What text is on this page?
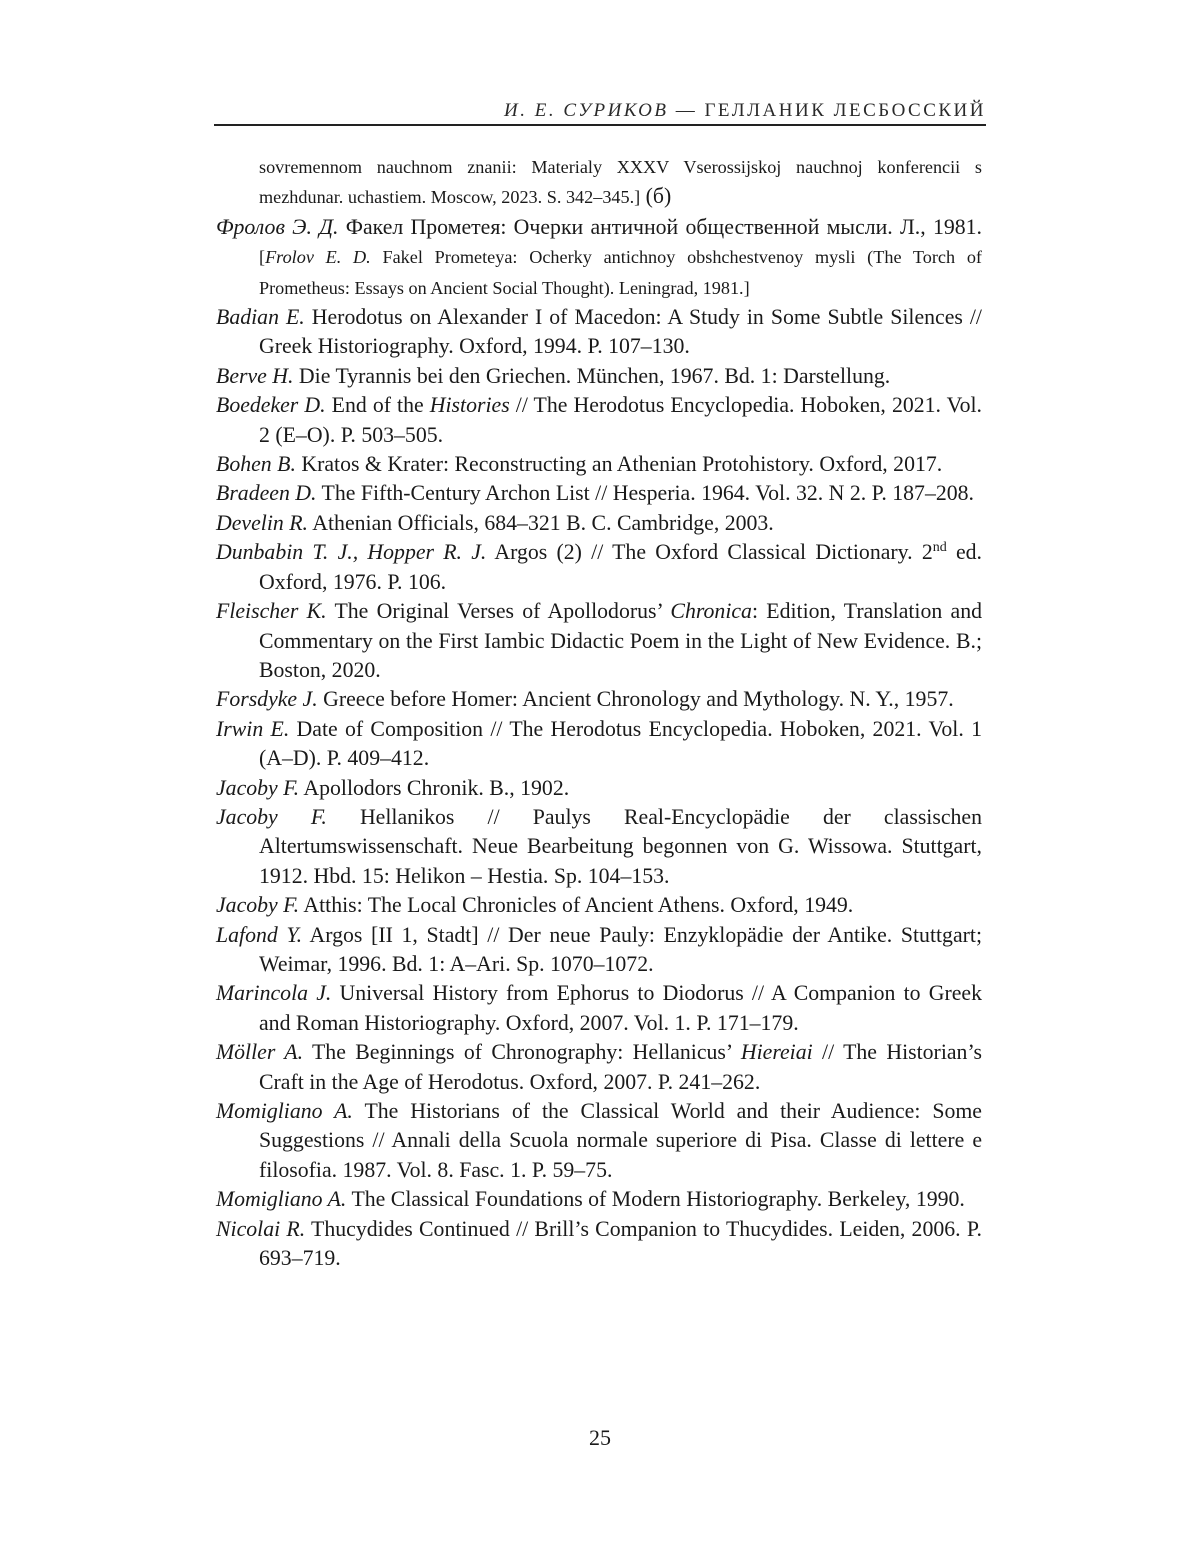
И. Е. СУРИКОВ — ГЕЛЛАНИК ЛЕСБОССКИЙ
sovremennom nauchnom znanii: Materialy XXXV Vserossijskoj nauchnoj konferencii s mezhdunar. uchastiem. Moscow, 2023. S. 342–345.] (б)
Фролов Э. Д. Факел Прометея: Очерки античной общественной мысли. Л., 1981. [Frolov E. D. Fakel Prometeya: Ocherky antichnoy obshchestvenoy mysli (The Torch of Prometheus: Essays on Ancient Social Thought). Leningrad, 1981.]
Badian E. Herodotus on Alexander I of Macedon: A Study in Some Subtle Silences // Greek Historiography. Oxford, 1994. P. 107–130.
Berve H. Die Tyrannis bei den Griechen. München, 1967. Bd. 1: Darstellung.
Boedeker D. End of the Histories // The Herodotus Encyclopedia. Hoboken, 2021. Vol. 2 (E–O). P. 503–505.
Bohen B. Kratos & Krater: Reconstructing an Athenian Protohistory. Oxford, 2017.
Bradeen D. The Fifth-Century Archon List // Hesperia. 1964. Vol. 32. N 2. P. 187–208.
Develin R. Athenian Officials, 684–321 B. C. Cambridge, 2003.
Dunbabin T. J., Hopper R. J. Argos (2) // The Oxford Classical Dictionary. 2nd ed. Oxford, 1976. P. 106.
Fleischer K. The Original Verses of Apollodorus’ Chronica: Edition, Translation and Commentary on the First Iambic Didactic Poem in the Light of New Evidence. B.; Boston, 2020.
Forsdyke J. Greece before Homer: Ancient Chronology and Mythology. N. Y., 1957.
Irwin E. Date of Composition // The Herodotus Encyclopedia. Hoboken, 2021. Vol. 1 (A–D). P. 409–412.
Jacoby F. Apollodors Chronik. B., 1902.
Jacoby F. Hellanikos // Paulys Real-Encyclopädie der classischen Altertumswissenschaft. Neue Bearbeitung begonnen von G. Wissowa. Stuttgart, 1912. Hbd. 15: Helikon – Hestia. Sp. 104–153.
Jacoby F. Atthis: The Local Chronicles of Ancient Athens. Oxford, 1949.
Lafond Y. Argos [II 1, Stadt] // Der neue Pauly: Enzyklopädie der Antike. Stuttgart; Weimar, 1996. Bd. 1: A–Ari. Sp. 1070–1072.
Marincola J. Universal History from Ephorus to Diodorus // A Companion to Greek and Roman Historiography. Oxford, 2007. Vol. 1. P. 171–179.
Möller A. The Beginnings of Chronography: Hellanicus’ Hiereiai // The Historian’s Craft in the Age of Herodotus. Oxford, 2007. P. 241–262.
Momigliano A. The Historians of the Classical World and their Audience: Some Suggestions // Annali della Scuola normale superiore di Pisa. Classe di lettere e filosofia. 1987. Vol. 8. Fasc. 1. P. 59–75.
Momigliano A. The Classical Foundations of Modern Historiography. Berkeley, 1990.
Nicolai R. Thucydides Continued // Brill’s Companion to Thucydides. Leiden, 2006. P. 693–719.
25
